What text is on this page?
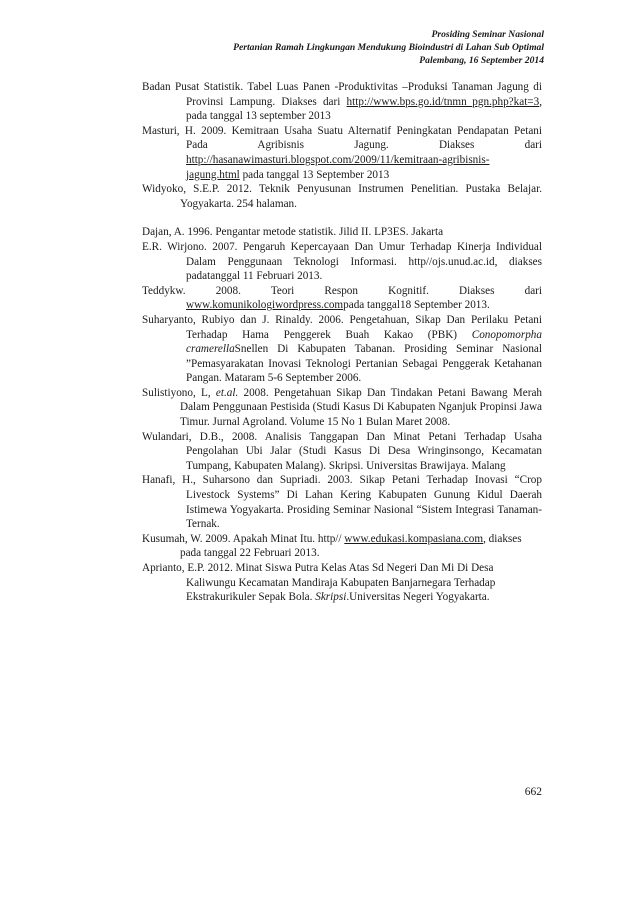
Prosiding Seminar Nasional
Pertanian Ramah Lingkungan Mendukung Bioindustri di Lahan Sub Optimal
Palembang, 16 September 2014

Badan Pusat Statistik. Tabel Luas Panen -Produktivitas –Produksi Tanaman Jagung di Provinsi Lampung. Diakses dari http://www.bps.go.id/tnmn_pgn.php?kat=3, pada tanggal 13 september 2013

Masturi, H. 2009. Kemitraan Usaha Suatu Alternatif Peningkatan Pendapatan Petani Pada Agribisnis Jagung. Diakses dari http://hasanawimasturi.blogspot.com/2009/11/kemitraan-agribisnis-jagung.html pada tanggal 13 September 2013

Widyoko, S.E.P. 2012. Teknik Penyusunan Instrumen Penelitian. Pustaka Belajar. Yogyakarta. 254 halaman.

Dajan, A. 1996. Pengantar metode statistik. Jilid II. LP3ES. Jakarta

E.R. Wirjono. 2007. Pengaruh Kepercayaan Dan Umur Terhadap Kinerja Individual Dalam Penggunaan Teknologi Informasi. http//ojs.unud.ac.id, diakses padatanggal 11 Februari 2013.

Teddykw. 2008. Teori Respon Kognitif. Diakses dari www.komunikologiwordpress.compada tanggal18 September 2013.

Suharyanto, Rubiyo dan J. Rinaldy. 2006. Pengetahuan, Sikap Dan Perilaku Petani Terhadap Hama Penggerek Buah Kakao (PBK) Conopomorpha cramerellaSnellen Di Kabupaten Tabanan. Prosiding Seminar Nasional ”Pemasyarakatan Inovasi Teknologi Pertanian Sebagai Penggerak Ketahanan Pangan. Mataram 5-6 September 2006.

Sulistiyono, L, et.al. 2008. Pengetahuan Sikap Dan Tindakan Petani Bawang Merah Dalam Penggunaan Pestisida (Studi Kasus Di Kabupaten Nganjuk Propinsi Jawa Timur. Jurnal Agroland. Volume 15 No 1 Bulan Maret 2008.

Wulandari, D.B., 2008. Analisis Tanggapan Dan Minat Petani Terhadap Usaha Pengolahan Ubi Jalar (Studi Kasus Di Desa Wringinsongo, Kecamatan Tumpang, Kabupaten Malang). Skripsi. Universitas Brawijaya. Malang

Hanafi, H., Suharsono dan Supriadi. 2003. Sikap Petani Terhadap Inovasi “Crop Livestock Systems” Di Lahan Kering Kabupaten Gunung Kidul Daerah Istimewa Yogyakarta. Prosiding Seminar Nasional “Sistem Integrasi Tanaman-Ternak.

Kusumah, W. 2009. Apakah Minat Itu. http// www.edukasi.kompasiana.com, diakses pada tanggal 22 Februari 2013.

Aprianto, E.P. 2012. Minat Siswa Putra Kelas Atas Sd Negeri Dan Mi Di Desa Kaliwungu Kecamatan Mandiraja Kabupaten Banjarnegara Terhadap Ekstrakurikuler Sepak Bola. Skripsi.Universitas Negeri Yogyakarta.

662
